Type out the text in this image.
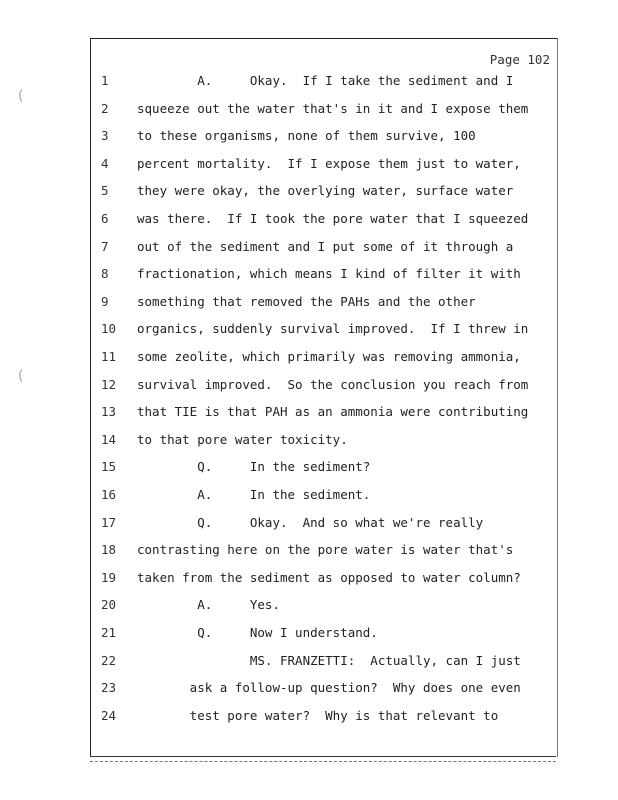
(
(
Page 102
1	A.     Okay.  If I take the sediment and I
2	squeeze out the water that's in it and I expose them
3	to these organisms, none of them survive, 100
4	percent mortality.  If I expose them just to water,
5	they were okay, the overlying water, surface water
6	was there.  If I took the pore water that I squeezed
7	out of the sediment and I put some of it through a
8	fractionation, which means I kind of filter it with
9	something that removed the PAHs and the other
10 organics, suddenly survival improved.  If I threw in
11 some zeolite, which primarily was removing ammonia,
12 survival improved.  So the conclusion you reach from
13 that TIE is that PAH as an ammonia were contributing
14 to that pore water toxicity.
15 Q.     In the sediment?
16 A.     In the sediment.
17 Q.     Okay.  And so what we're really
18 contrasting here on the pore water is water that's
19 taken from the sediment as opposed to water column?
20 A.     Yes.
21 Q.     Now I understand.
22 MS. FRANZETTI:  Actually, can I just
23 ask a follow-up question?  Why does one even
24 test pore water?  Why is that relevant to
